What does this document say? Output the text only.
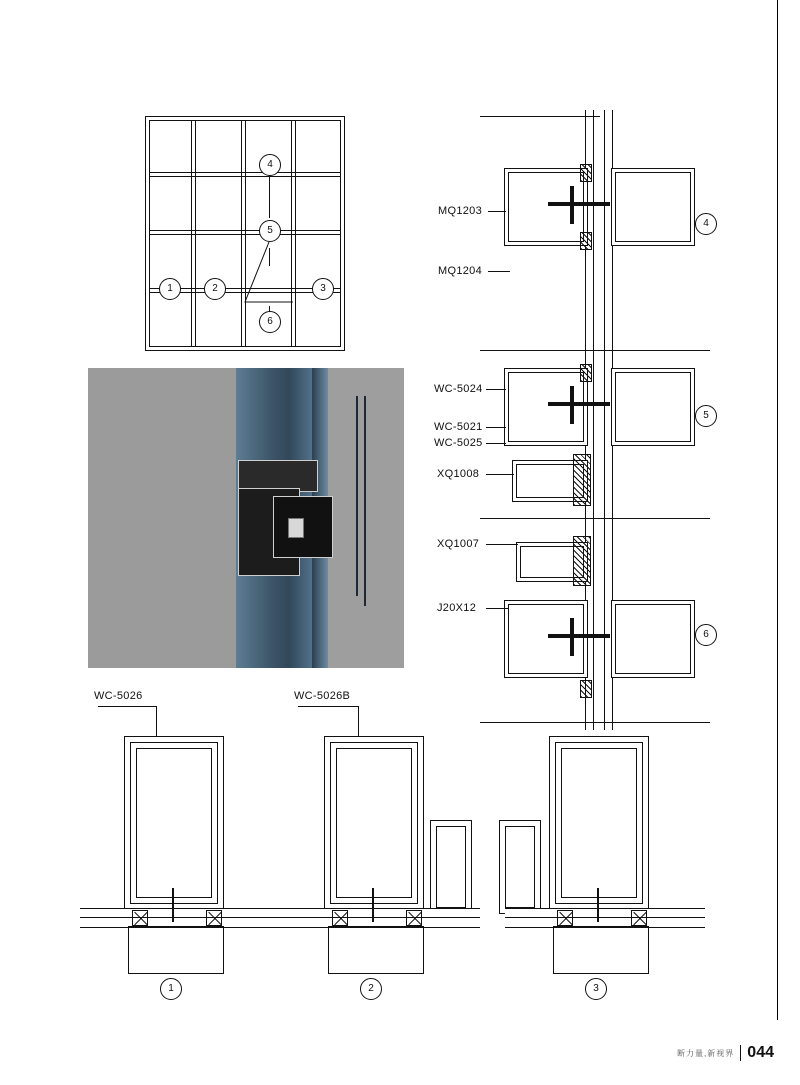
1	2	3
4
5
6
MQ1203
MQ1204
WC-5024
WC-5021
WC-5025
XQ1008
XQ1007
J20X12
4
5
6
WC-5026	WC-5026B
1	2	3
断力量,新视界 044
